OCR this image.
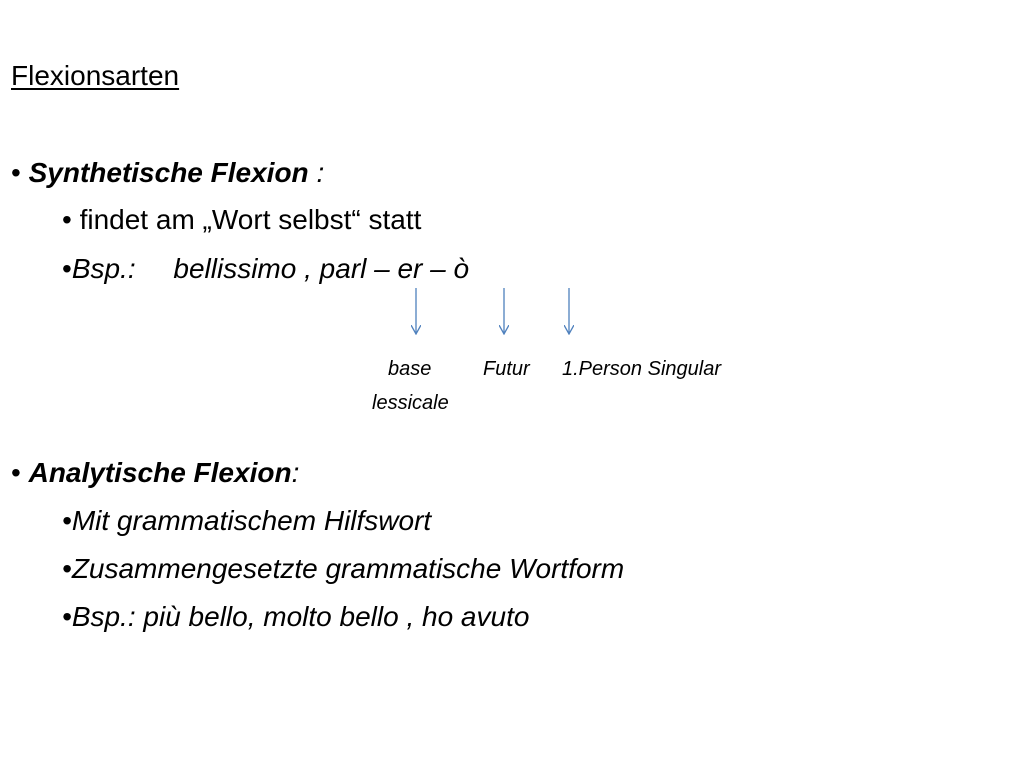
Flexionsarten
• Synthetische Flexion :
• findet am „Wort selbst“ statt
•Bsp.: bellissimo , parl – er – ò
base
lessicale
Futur 1.Person Singular
• Analytische Flexion:
•Mit grammatischem Hilfswort
•Zusammengesetzte grammatische Wortform
•Bsp.: più bello, molto bello , ho avuto
